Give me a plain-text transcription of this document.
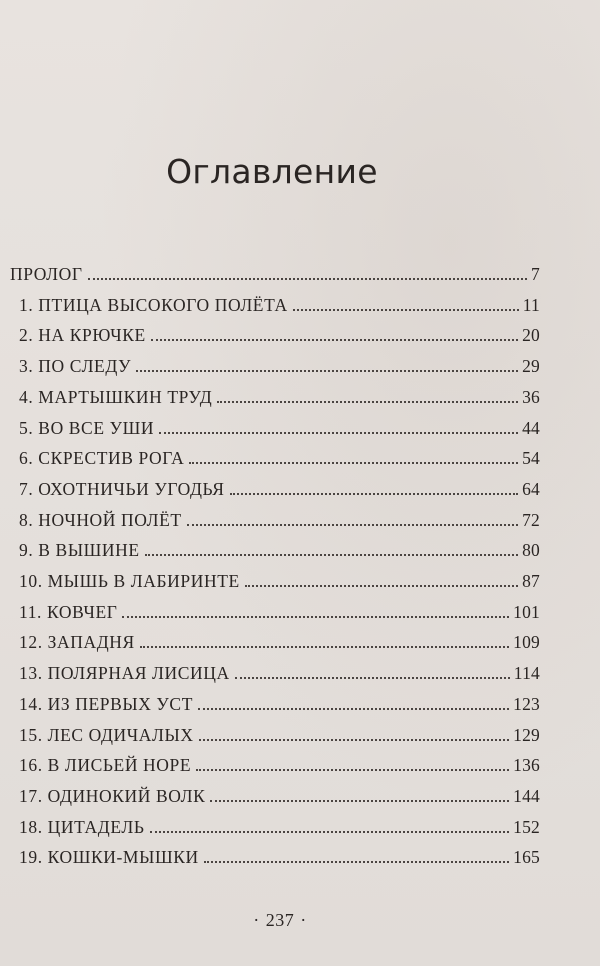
Оглавление
ПРОЛОГ	7
1. ПТИЦА ВЫСОКОГО ПОЛЁТА	11
2. НА КРЮЧКЕ	20
3. ПО СЛЕДУ	29
4. МАРТЫШКИН ТРУД	36
5. ВО ВСЕ УШИ	44
6. СКРЕСТИВ РОГА	54
7. ОХОТНИЧЬИ УГОДЬЯ	64
8. НОЧНОЙ ПОЛЁТ	72
9. В ВЫШИНЕ	80
10. МЫШЬ В ЛАБИРИНТЕ	87
11. КОВЧЕГ	101
12. ЗАПАДНЯ	109
13. ПОЛЯРНАЯ ЛИСИЦА	114
14. ИЗ ПЕРВЫХ УСТ	123
15. ЛЕС ОДИЧАЛЫХ	129
16. В ЛИСЬЕЙ НОРЕ	136
17. ОДИНОКИЙ ВОЛК	144
18. ЦИТАДЕЛЬ	152
19. КОШКИ-МЫШКИ	165
· 237 ·
